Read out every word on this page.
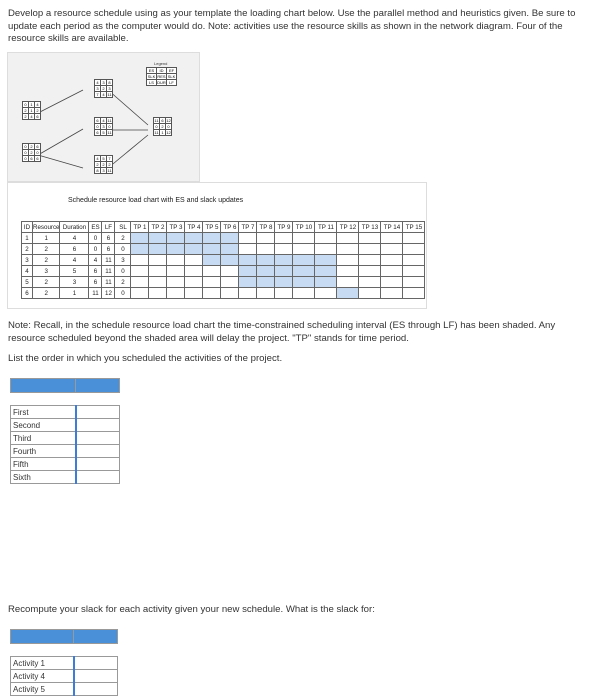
Develop a resource schedule using as your template the loading chart below. Use the parallel method and heuristics given. Be sure to update each period as the computer would do. Note: activities use the resource skills as shown in the network diagram. Four of the resource skills are available.
Legend
ES	ID	EF
SLK RES SLK
LS DUR LF
0 1 4
2 1 2
2 4 6
4 3 8
3 2 3
7 4 11
0 2 6
0 2 0
0 6 6
6 4 11
0 3 0
6 5 11
4 5 7
2 2 2
8 3 11
11 6 12
0 2 0
11 1 12
Schedule resource load chart with ES and slack updates
ID	Resource	Duration	ES	LF	SL	TP 1	TP 2	TP 3	TP 4	TP 5	TP 6	TP 7	TP 8	TP 9	TP 10	TP 11	TP 12	TP 13	TP 14	TP 15
1	1	4	0	6	2															
2	2	6	0	6	0															
3	2	4	4	11	3															
4	3	5	6	11	0															
5	2	3	6	11	2															
6	2	1	11	12	0															
Note: Recall, in the schedule resource load chart the time-constrained scheduling interval (ES through LF) has been shaded. Any resource scheduled beyond the shaded area will delay the project. "TP" stands for time period.
List the order in which you scheduled the activities of the project.

First	
Second	
Third	
Fourth	
Fifth	
Sixth	
Recompute your slack for each activity given your new schedule. What is the slack for:

Activity 1	
Activity 4	
Activity 5	
